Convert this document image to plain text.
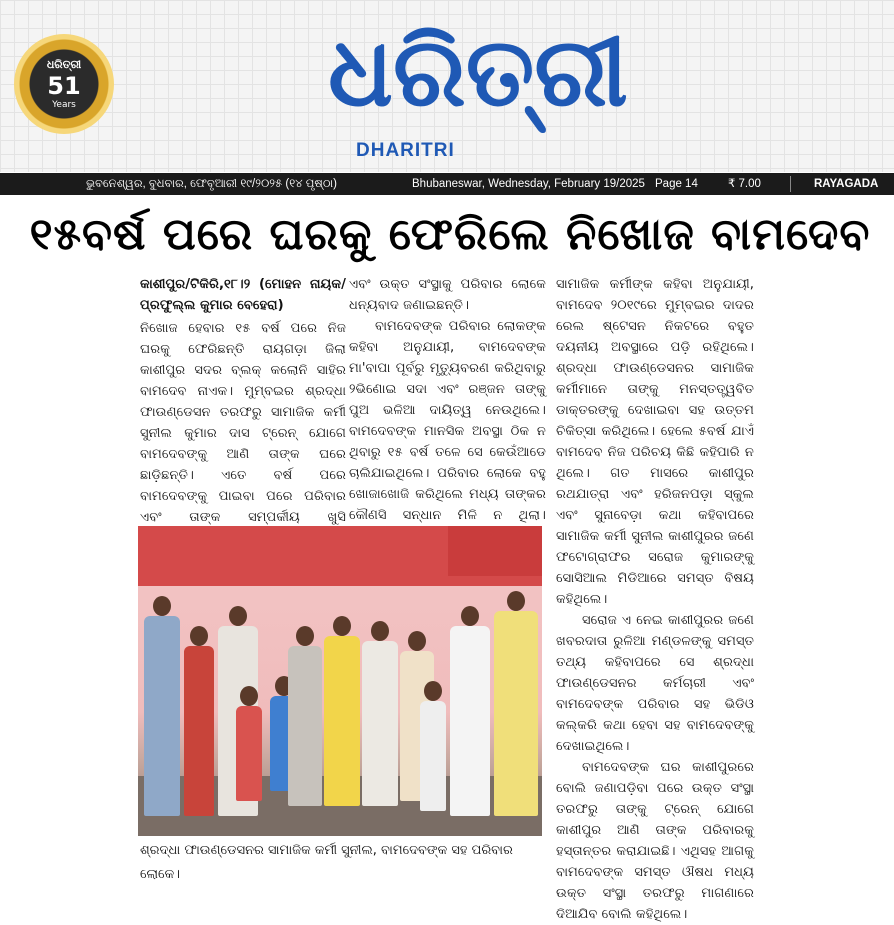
ଧରିତ୍ରୀ
51
Years	ଧରିତ୍ରୀ
DHARITRI
ଭୁବନେଶ୍ୱର, ବୁଧବାର, ଫେବୃଆରୀ ୧୯/୨୦୨୫ (୧୪ ପୃଷ୍ଠା)	Bhubaneswar, Wednesday, February 19/2025 Page 14	₹ 7.00	RAYAGADA
୧୫ବର୍ଷ ପରେ ଘରକୁ ଫେରିଲେ ନିଖୋଜ ବାମଦେବ

କାଶୀପୁର/ଟିକିରି,୧୮।୨ (ମୋହନ ନାୟକ/ପ୍ରଫୁଲ୍ଲ କୁମାର ବେହେରା)

ନିଖୋଜ ହେବାର ୧୫ ବର୍ଷ ପରେ ନିଜ ଘରକୁ ଫେରିଛନ୍ତି ରାୟଗଡ଼ା ଜିଲା କାଶୀପୁର ସଦର ବ୍ଲକ୍ କଲୋନି ସାହିର ବାମଦେବ ନାଏକ। ମୁମ୍ବଇର ଶ୍ରଦ୍ଧା ଫାଉଣ୍ଡେସନ ତରଫରୁ ସାମାଜିକ କର୍ମୀ ସୁନୀଲ କୁମାର ଦାସ ଟ୍ରେନ୍ ଯୋଗେ ବାମଦେବଙ୍କୁ ଆଣି ତାଙ୍କ ଘରେ ଛାଡ଼ିଛନ୍ତି। ଏତେ ବର୍ଷ ପରେ ବାମଦେବଙ୍କୁ ପାଇବା ପରେ ପରିବାର ଏବଂ ତାଙ୍କ ସମ୍ପର୍କୀୟ ଖୁସି

ଏବଂ ଉକ୍ତ ସଂସ୍ଥାକୁ ପରିବାର ଲୋକେ ଧନ୍ୟବାଦ ଜଣାଇଛନ୍ତି।

ବାମଦେବଙ୍କ ପରିବାର ଲୋକଙ୍କ କହିବା ଅନୁଯାୟୀ, ବାମଦେବଙ୍କ ମା'ବାପା ପୂର୍ବରୁ ମୃତ୍ୟୁବରଣ କରିଥିବାରୁ ୨ଭିଣୋଇ ସଦା ଏବଂ ରଞ୍ଜନ ତାଙ୍କୁ ପୁଅ ଭଳିଆ ଦାୟିତ୍ୱ ନେଉଥିଲେ। ବାମଦେବଙ୍କ ମାନସିକ ଅବସ୍ଥା ଠିକ ନ ଥିବାରୁ ୧୫ ବର୍ଷ ତଳେ ସେ କେଉଁଆଡେ ଚାଲିଯାଇଥିଲେ। ପରିବାର ଲୋକେ ବହୁ ଖୋଜାଖୋଜି କରିଥିଲେ ମଧ୍ୟ ତାଙ୍କର କୌଣସି ସନ୍ଧାନ ମିଳି ନ ଥିଲା।

ସାମାଜିକ କର୍ମୀଙ୍କ କହିବା ଅନୁଯାୟୀ, ବାମଦେବ ୨୦୧୯ରେ ମୁମ୍ବଇର ଦାଦର ରେଲ ଷ୍ଟେସନ ନିକଟରେ ବହୁତ ଦୟନୀୟ ଅବସ୍ଥାରେ ପଡ଼ି ରହିଥିଲେ। ଶ୍ରଦ୍ଧା ଫାଉଣ୍ଡେସନର ସାମାଜିକ କର୍ମୀମାନେ ତାଙ୍କୁ ମନସ୍ତତ୍ତ୍ୱବିତ ଡାକ୍ତରଙ୍କୁ ଦେଖାଇବା ସହ ଉତ୍ତମ ଚିକିତ୍ସା କରିଥିଲେ। ହେଲେ ୫ବର୍ଷ ଯାଏଁ ବାମଦେବ ନିଜ ପରିଚୟ କିଛି କହିପାରି ନ ଥିଲେ। ଗତ ମାସରେ କାଶୀପୁର ରଥଯାତ୍ରା ଏବଂ ହରିଜନପଡ଼ା ସ୍କୁଲ ଏବଂ ସୁନାବେଡ଼ା କଥା କହିବାପରେ ସାମାଜିକ କର୍ମୀ ସୁନୀଲ କାଶୀପୁରର ଜଣେ ଫଟୋଗ୍ରାଫର ସରୋଜ କୁମାରଙ୍କୁ ସୋସିଆଲ ମିଡିଆରେ ସମସ୍ତ ବିଷୟ କହିଥିଲେ।

ସରୋଜ ଏ ନେଇ କାଶୀପୁରର ଜଣେ ଖବରଦାତା ରୁଳିଆ ମଣ୍ଡଳଙ୍କୁ ସମସ୍ତ ତଥ୍ୟ କହିବାପରେ ସେ ଶ୍ରଦ୍ଧା ଫାଉଣ୍ଡେସନର କର୍ମଚାରୀ ଏବଂ ବାମଦେବଙ୍କ ପରିବାର ସହ ଭିଡିଓ କଲ୍‌କରି କଥା ହେବା ସହ ବାମଦେବଙ୍କୁ ଦେଖାଇଥିଲେ।

ବାମଦେବଙ୍କ ଘର କାଶୀପୁରରେ ବୋଲି ଜଣାପଡ଼ିବା ପରେ ଉକ୍ତ ସଂସ୍ଥା ତରଫରୁ ତାଙ୍କୁ ଟ୍ରେନ୍ ଯୋଗେ କାଶୀପୁର ଆଣି ତାଙ୍କ ପରିବାରକୁ ହସ୍ତାନ୍ତର କରାଯାଇଛି। ଏଥିସହ ଆଗକୁ ବାମଦେବଙ୍କ ସମସ୍ତ ଔଷଧ ମଧ୍ୟ ଉକ୍ତ ସଂସ୍ଥା ତରଫରୁ ମାଗଣାରେ ଦିଆଯିବ ବୋଲି କହିଥିଲେ।

ଶ୍ରଦ୍ଧା ଫାଉଣ୍ଡେସନର ସାମାଜିକ କର୍ମୀ ସୁନୀଲ, ବାମଦେବଙ୍କ ସହ ପରିବାର ଲୋକେ।
